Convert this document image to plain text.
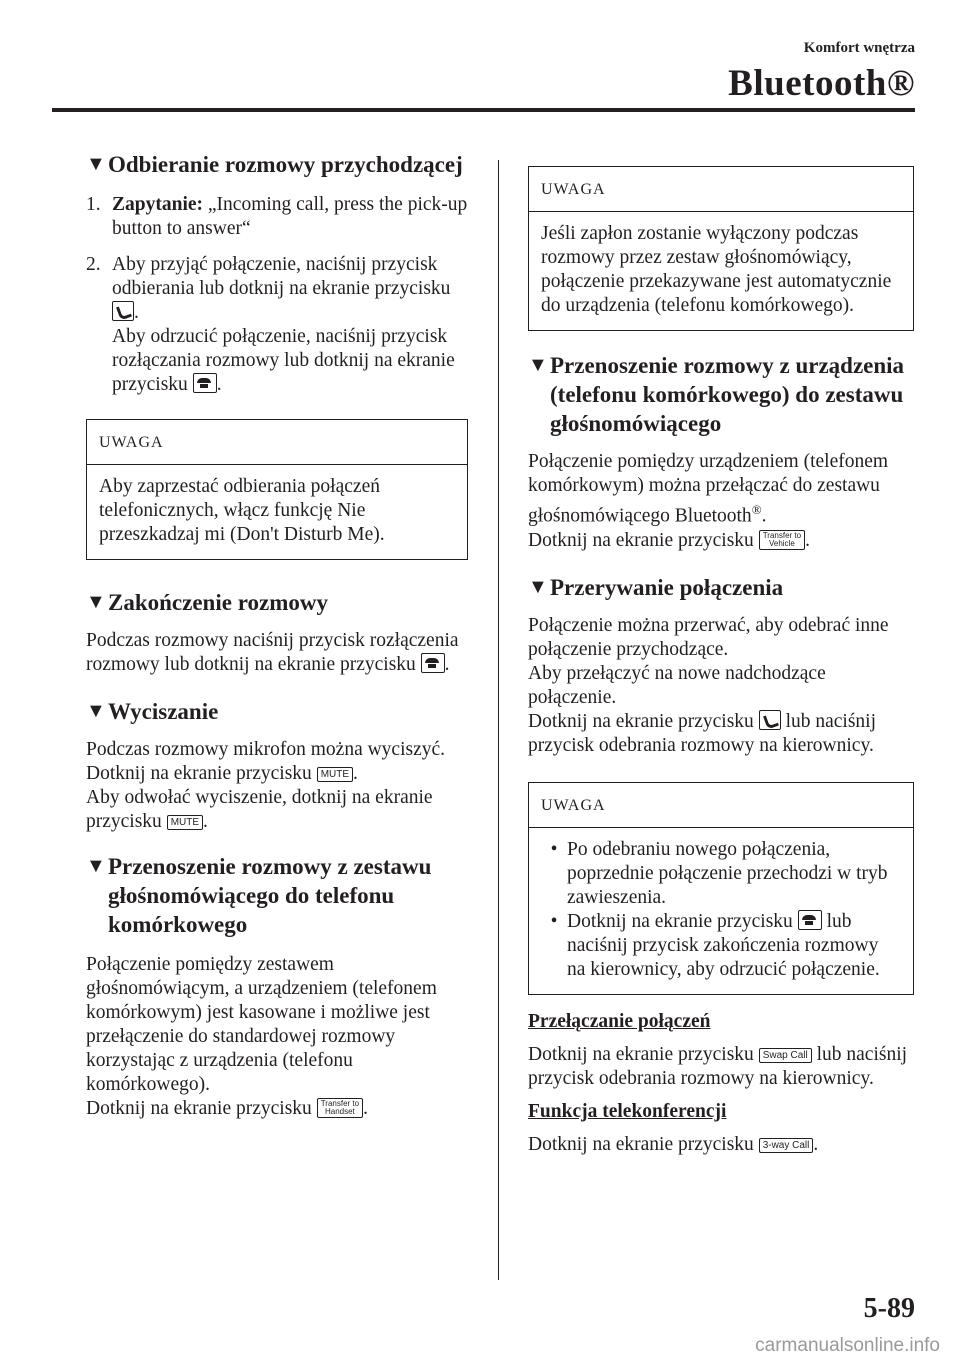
Komfort wnętrza
Bluetooth®
▼ Odbieranie rozmowy przychodzącej
1. Zapytanie: „Incoming call, press the pick-up button to answer“
2. Aby przyjąć połączenie, naciśnij przycisk odbierania lub dotknij na ekranie przycisku .
Aby odrzucić połączenie, naciśnij przycisk rozłączania rozmowy lub dotknij na ekranie przycisku .
UWAGA
Aby zaprzestać odbierania połączeń telefonicznych, włącz funkcję Nie przeszkadzaj mi (Don't Disturb Me).
▼ Zakończenie rozmowy

Podczas rozmowy naciśnij przycisk rozłączenia rozmowy lub dotknij na ekranie przycisku .

▼ Wyciszanie

Podczas rozmowy mikrofon można wyciszyć.
Dotknij na ekranie przycisku MUTE .
Aby odwołać wyciszenie, dotknij na ekranie przycisku MUTE .

▼ Przenoszenie rozmowy z zestawu głośnomówiącego do telefonu komórkowego

Połączenie pomiędzy zestawem głośnomówiącym, a urządzeniem (telefonem komórkowym) jest kasowane i możliwe jest przełączenie do standardowej rozmowy korzystając z urządzenia (telefonu komórkowego).
Dotknij na ekranie przycisku Transfer to
Handset .

UWAGA
Jeśli zapłon zostanie wyłączony podczas rozmowy przez zestaw głośnomówiący, połączenie przekazywane jest automatycznie do urządzenia (telefonu komórkowego).
▼ Przenoszenie rozmowy z urządzenia (telefonu komórkowego) do zestawu głośnomówiącego

Połączenie pomiędzy urządzeniem (telefonem komórkowym) można przełączać do zestawu głośnomówiącego Bluetooth®.
Dotknij na ekranie przycisku Transfer to
Vehicle .

▼ Przerywanie połączenia

Połączenie można przerwać, aby odebrać inne połączenie przychodzące.
Aby przełączyć na nowe nadchodzące połączenie.
Dotknij na ekranie przycisku  lub naciśnij przycisk odebrania rozmowy na kierownicy.

UWAGA
• Po odebraniu nowego połączenia, poprzednie połączenie przechodzi w tryb zawieszenia.
• Dotknij na ekranie przycisku  lub naciśnij przycisk zakończenia rozmowy na kierownicy, aby odrzucić połączenie.
Przełączanie połączeń

Dotknij na ekranie przycisku Swap Call lub naciśnij przycisk odebrania rozmowy na kierownicy.

Funkcja telekonferencji

Dotknij na ekranie przycisku 3-way Call .

5-89
carmanualsonline.info
